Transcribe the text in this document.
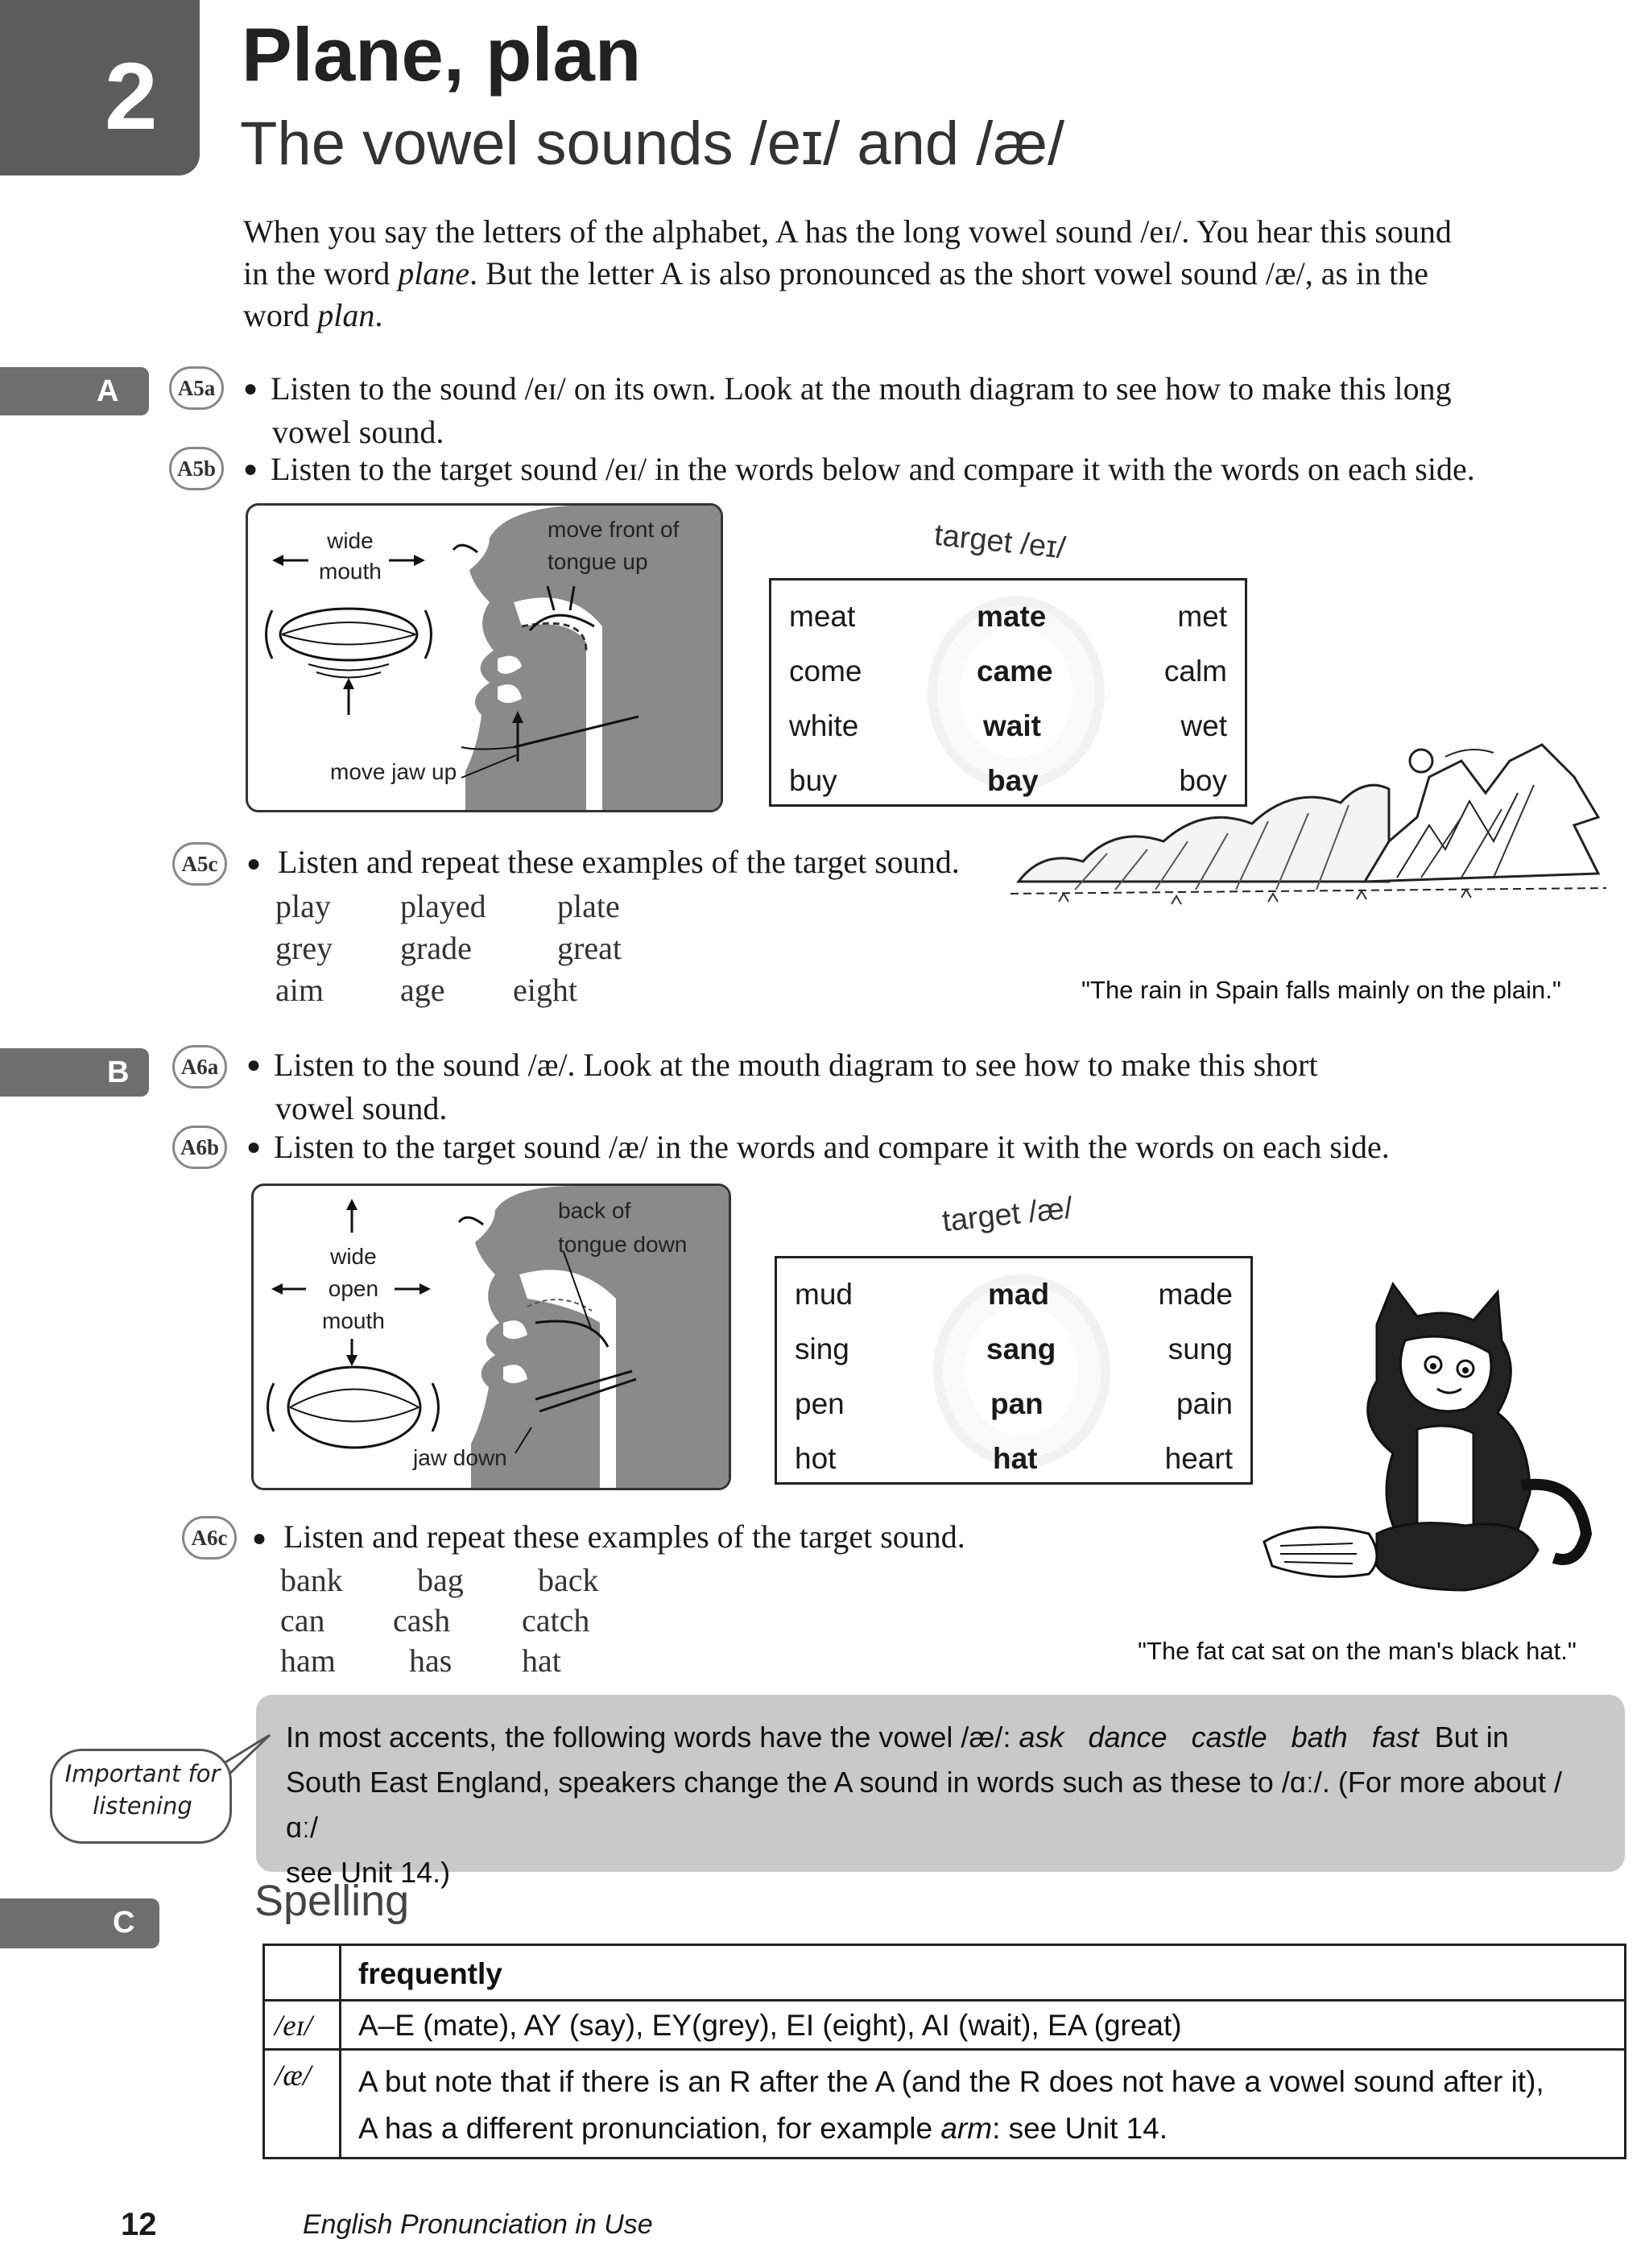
2 Plane, plan
The vowel sounds /eɪ/ and /æ/
When you say the letters of the alphabet, A has the long vowel sound /eɪ/. You hear this sound
in the word plane. But the letter A is also pronounced as the short vowel sound /æ/, as in the
word plan.
A	A5a
A5b
● Listen to the sound /eɪ/ on its own. Look at the mouth diagram to see how to make this long
vowel sound.
● Listen to the target sound /eɪ/ in the words below and compare it with the words on each side.
wide
mouth
move front of
tongue up
move jaw up
target /eɪ/
meat	mate	met
come	came	calm
white	wait	wet
buy	bay	boy
"The rain in Spain falls mainly on the plain."
A5c Listen and repeat these examples of the target sound.
●
play played plate
grey grade	great
aim age eight
B	A6a
A6b
● Listen to the sound /æ/. Look at the mouth diagram to see how to make this short
vowel sound.
● Listen to the target sound /æ/ in the words and compare it with the words on each side.
wide
open
mouth
back of
tongue down
jaw down
target /æ/
mud	mad	made
sing	sang	sung
pen	pan	pain
hot	hat	heart
"The fat cat sat on the man's black hat."
A6c	● Listen and repeat these examples of the target sound.
bank bag back
can cash catch
ham has hat
Important for listening
In most accents, the following words have the vowel /æ/: ask   dance   castle   bath   fast  But in
South East England, speakers change the A sound in words such as these to /ɑː/. (For more about /ɑː/
see Unit 14.)
C	Spelling
frequently
/eɪ/ A–E (mate), AY (say), EY(grey), EI (eight), AI (wait), EA (great)
/æ/ A but note that if there is an R after the A (and the R does not have a vowel sound after it),
A has a different pronunciation, for example arm: see Unit 14.
12	English Pronunciation in Use
